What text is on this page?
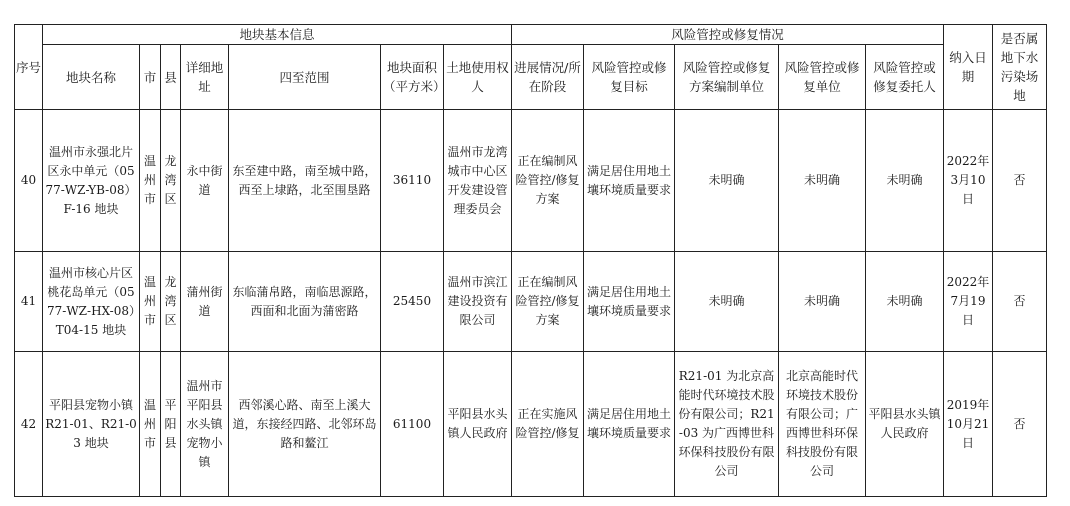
序号	地块基本信息							风险管控或修复情况					纳入日期	是否属地下水污染场地
	地块名称	市	县	详细地址	四至范围	地块面积（平方米）	土地使用权人	进展情况/所在阶段	风险管控或修复目标	风险管控或修复方案编制单位	风险管控或修复单位	风险管控或修复委托人		
40	温州市永强北片区永中单元（0577-WZ-YB-08）F-16 地块	温州市	龙湾区	永中街道	东至建中路，南至城中路，西至上埭路，北至围垦路	36110	温州市龙湾城市中心区开发建设管理委员会	正在编制风险管控/修复方案	满足居住用地土壤环境质量要求	未明确	未明确	未明确	2022年3月10日	否
41	温州市核心片区桃花岛单元（0577-WZ-HX-08）T04-15 地块	温州市	龙湾区	蒲州街道	东临蒲帛路，南临思源路，西面和北面为蒲密路	25450	温州市滨江建设投资有限公司	正在编制风险管控/修复方案	满足居住用地土壤环境质量要求	未明确	未明确	未明确	2022年7月19日	否
42	平阳县宠物小镇 R21-01、R21-03 地块	温州市	平阳县	温州市平阳县水头镇宠物小镇	西邻溪心路、南至上溪大道，东接经四路、北邻环岛路和鳌江	61100	平阳县水头镇人民政府	正在实施风险管控/修复	满足居住用地土壤环境质量要求	R21-01 为北京高能时代环境技术股份有限公司；R21-03 为广西博世科环保科技股份有限公司	北京高能时代环境技术股份有限公司；广西博世科环保科技股份有限公司	平阳县水头镇人民政府	2019年10月21日	否
